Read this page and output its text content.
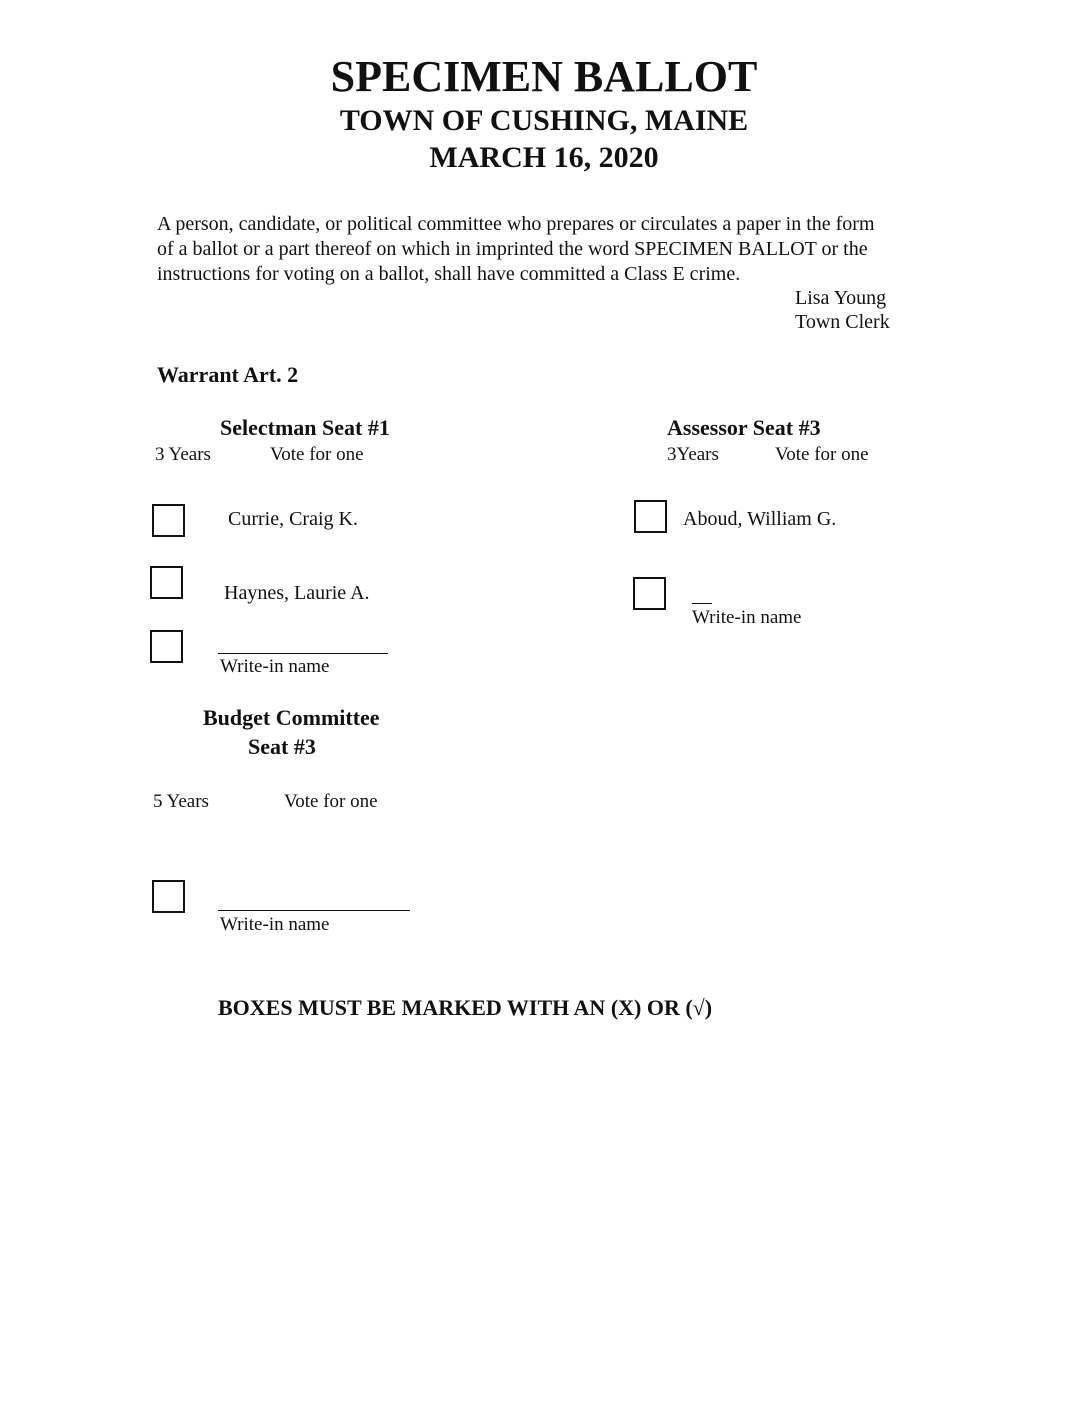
SPECIMEN BALLOT
TOWN OF CUSHING, MAINE
MARCH 16, 2020
A person, candidate, or political committee who prepares or circulates a paper in the form
of a ballot or a part thereof on which in imprinted the word SPECIMEN BALLOT or the
instructions for voting on a ballot, shall have committed a Class E crime.
Lisa Young
Town Clerk
Warrant Art. 2
Selectman Seat #1
3 Years	Vote for one
Currie, Craig K.
Haynes, Laurie A.
Write-in name
Assessor Seat #3
3Years	Vote for one
Aboud, William G.
Write-in name
Budget Committee
Seat #3
5 Years	Vote for one
Write-in name
BOXES MUST BE MARKED WITH AN (X) OR (√)
